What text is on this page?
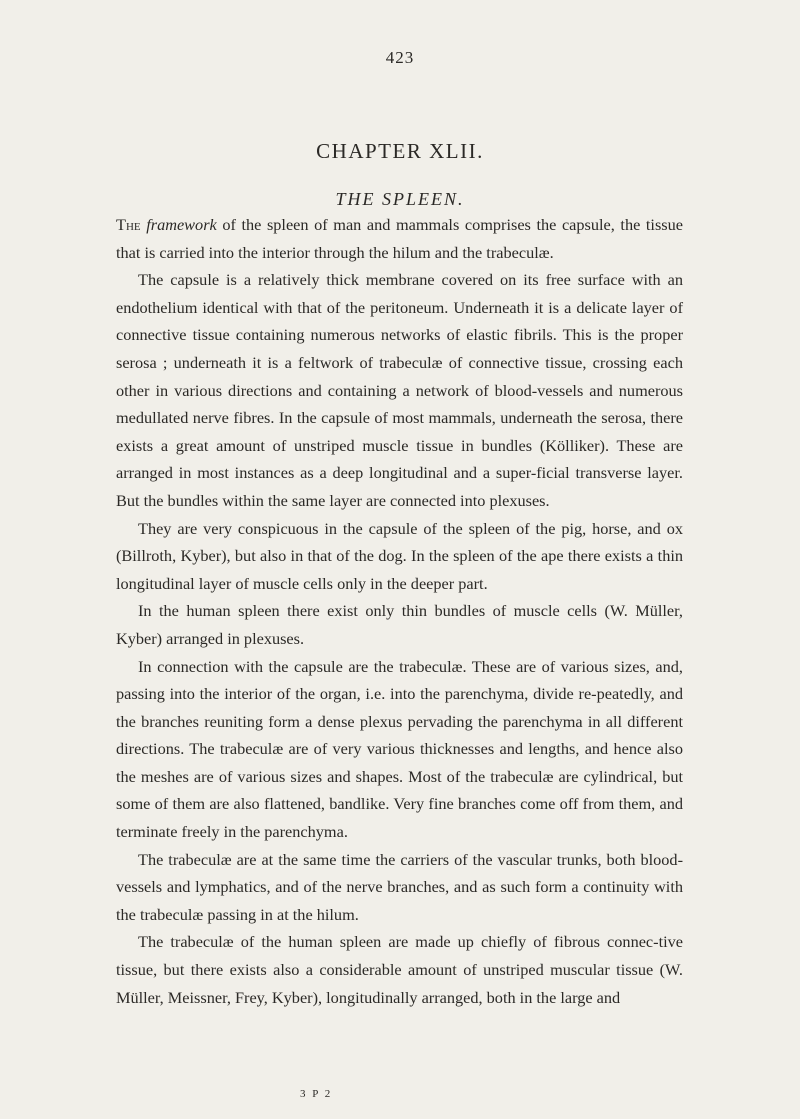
423
CHAPTER XLII.
THE SPLEEN.

The framework of the spleen of man and mammals comprises the capsule, the tissue that is carried into the interior through the hilum and the trabeculæ.

The capsule is a relatively thick membrane covered on its free surface with an endothelium identical with that of the peritoneum. Underneath it is a delicate layer of connective tissue containing numerous networks of elastic fibrils. This is the proper serosa ; underneath it is a feltwork of trabeculæ of connective tissue, crossing each other in various directions and containing a network of blood-vessels and numerous medullated nerve fibres. In the capsule of most mammals, underneath the serosa, there exists a great amount of unstriped muscle tissue in bundles (Kölliker). These are arranged in most instances as a deep longitudinal and a super-ficial transverse layer. But the bundles within the same layer are connected into plexuses.

They are very conspicuous in the capsule of the spleen of the pig, horse, and ox (Billroth, Kyber), but also in that of the dog. In the spleen of the ape there exists a thin longitudinal layer of muscle cells only in the deeper part.

In the human spleen there exist only thin bundles of muscle cells (W. Müller, Kyber) arranged in plexuses.

In connection with the capsule are the trabeculæ. These are of various sizes, and, passing into the interior of the organ, i.e. into the parenchyma, divide re-peatedly, and the branches reuniting form a dense plexus pervading the parenchyma in all different directions. The trabeculæ are of very various thicknesses and lengths, and hence also the meshes are of various sizes and shapes. Most of the trabeculæ are cylindrical, but some of them are also flattened, bandlike. Very fine branches come off from them, and terminate freely in the parenchyma.

The trabeculæ are at the same time the carriers of the vascular trunks, both blood-vessels and lymphatics, and of the nerve branches, and as such form a continuity with the trabeculæ passing in at the hilum.

The trabeculæ of the human spleen are made up chiefly of fibrous connec-tive tissue, but there exists also a considerable amount of unstriped muscular tissue (W. Müller, Meissner, Frey, Kyber), longitudinally arranged, both in the large and

3 P 2
